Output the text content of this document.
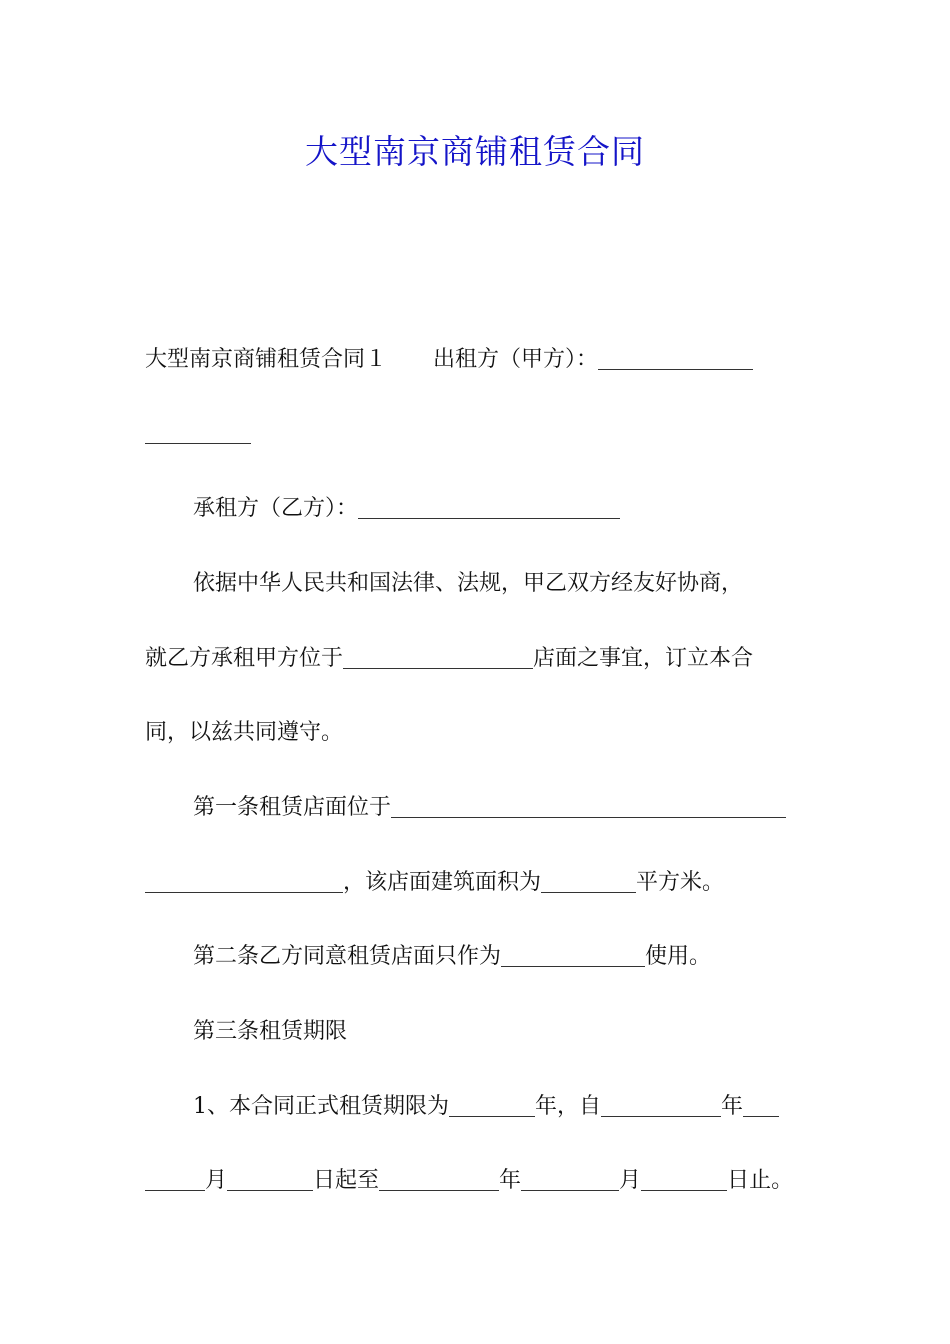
大型南京商铺租赁合同
大型南京商铺租赁合同１ 出租方（甲方）：
承租方（乙方）：
依据中华人民共和国法律、法规，甲乙双方经友好协商，
就乙方承租甲方位于	店面之事宜，订立本合
同，以兹共同遵守。
第一条租赁店面位于
，该店面建筑面积为	平方米。
第二条乙方同意租赁店面只作为	使用。
第三条租赁期限
1、本合同正式租赁期限为	年，自	年
月	日起至	年	月	日止。
